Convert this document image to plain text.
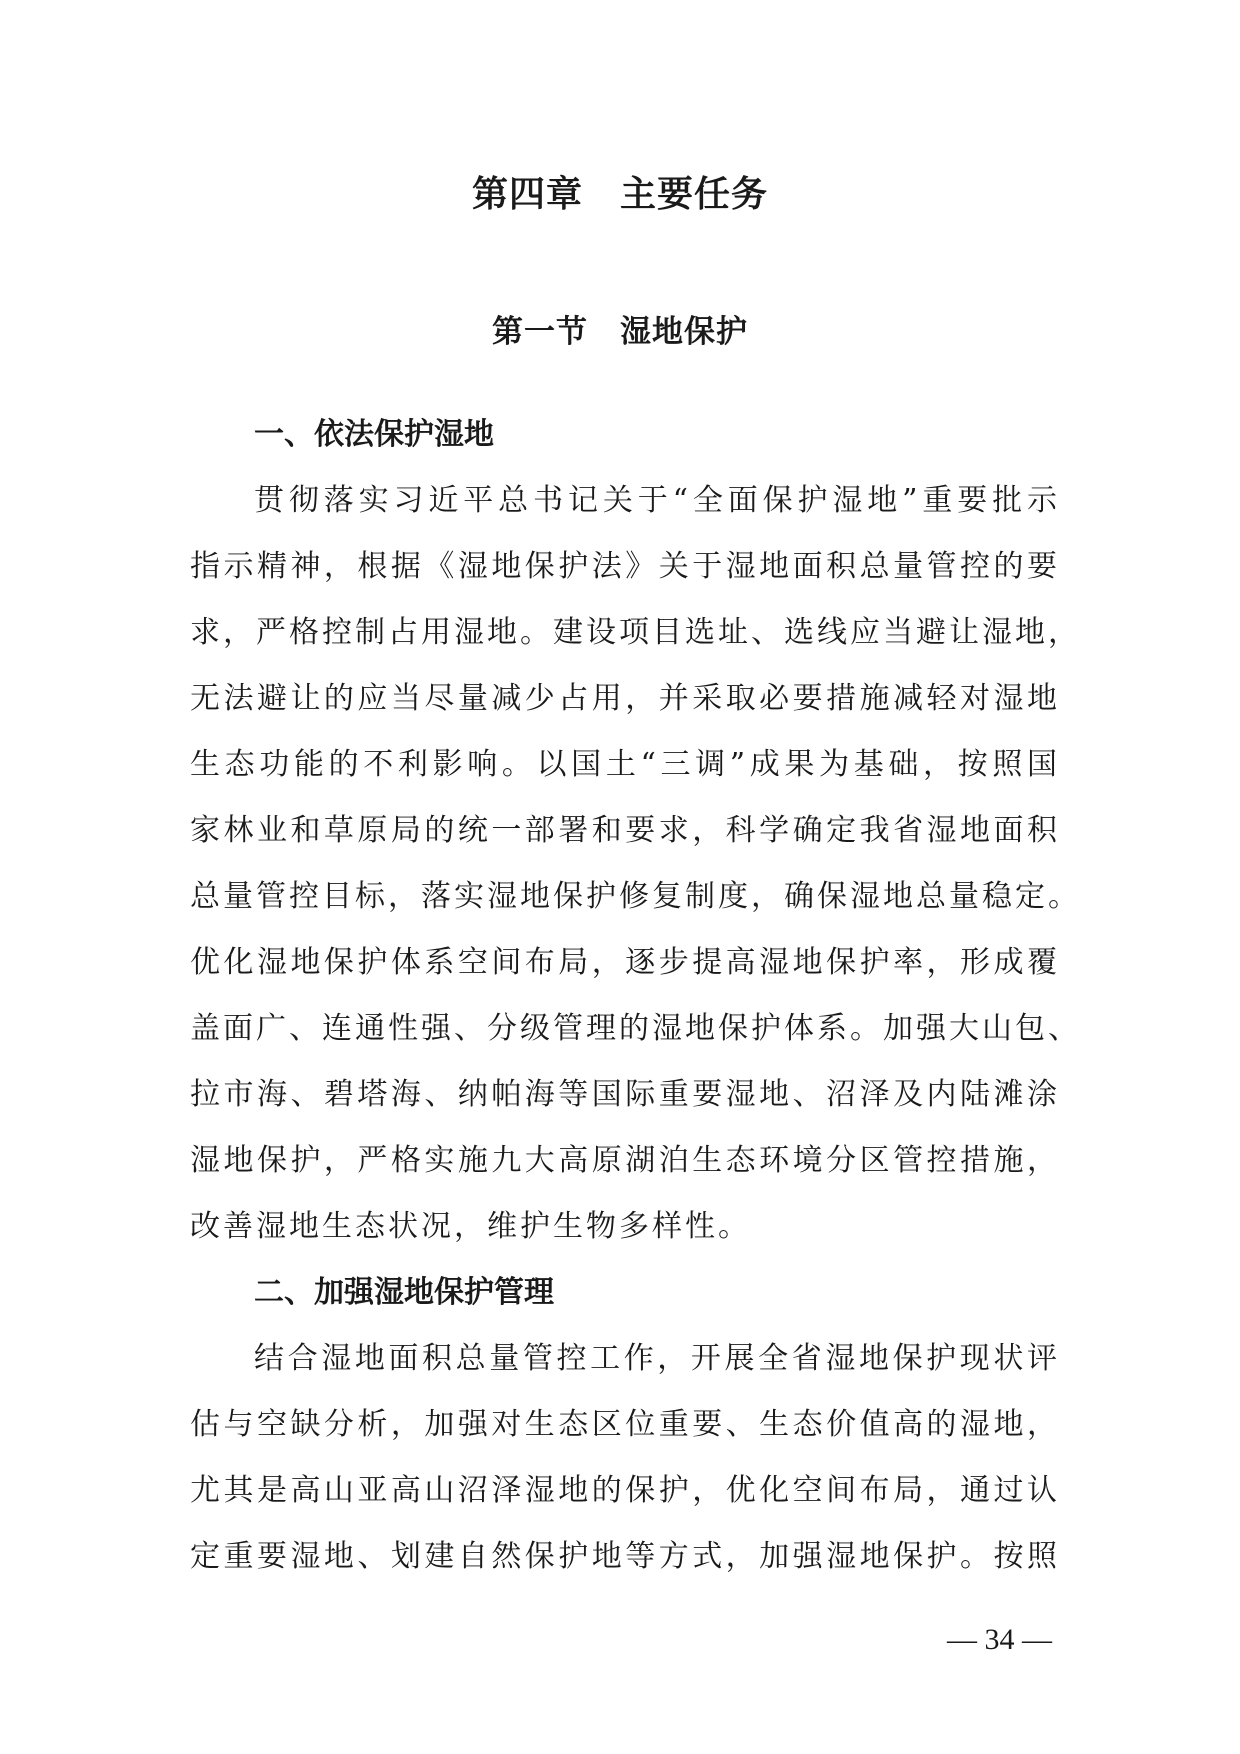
第四章　主要任务
第一节　湿地保护
一、依法保护湿地
贯彻落实习近平总书记关于“全面保护湿地”重要批示
指示精神，根据《湿地保护法》关于湿地面积总量管控的要
求，严格控制占用湿地。建设项目选址、选线应当避让湿地，
无法避让的应当尽量减少占用，并采取必要措施减轻对湿地
生态功能的不利影响。以国土“三调”成果为基础，按照国
家林业和草原局的统一部署和要求，科学确定我省湿地面积
总量管控目标，落实湿地保护修复制度，确保湿地总量稳定。
优化湿地保护体系空间布局，逐步提高湿地保护率，形成覆
盖面广、连通性强、分级管理的湿地保护体系。加强大山包、
拉市海、碧塔海、纳帕海等国际重要湿地、沼泽及内陆滩涂
湿地保护，严格实施九大高原湖泊生态环境分区管控措施，
改善湿地生态状况，维护生物多样性。
二、加强湿地保护管理
结合湿地面积总量管控工作，开展全省湿地保护现状评
估与空缺分析，加强对生态区位重要、生态价值高的湿地，
尤其是高山亚高山沼泽湿地的保护，优化空间布局，通过认
定重要湿地、划建自然保护地等方式，加强湿地保护。按照
— 34 —
